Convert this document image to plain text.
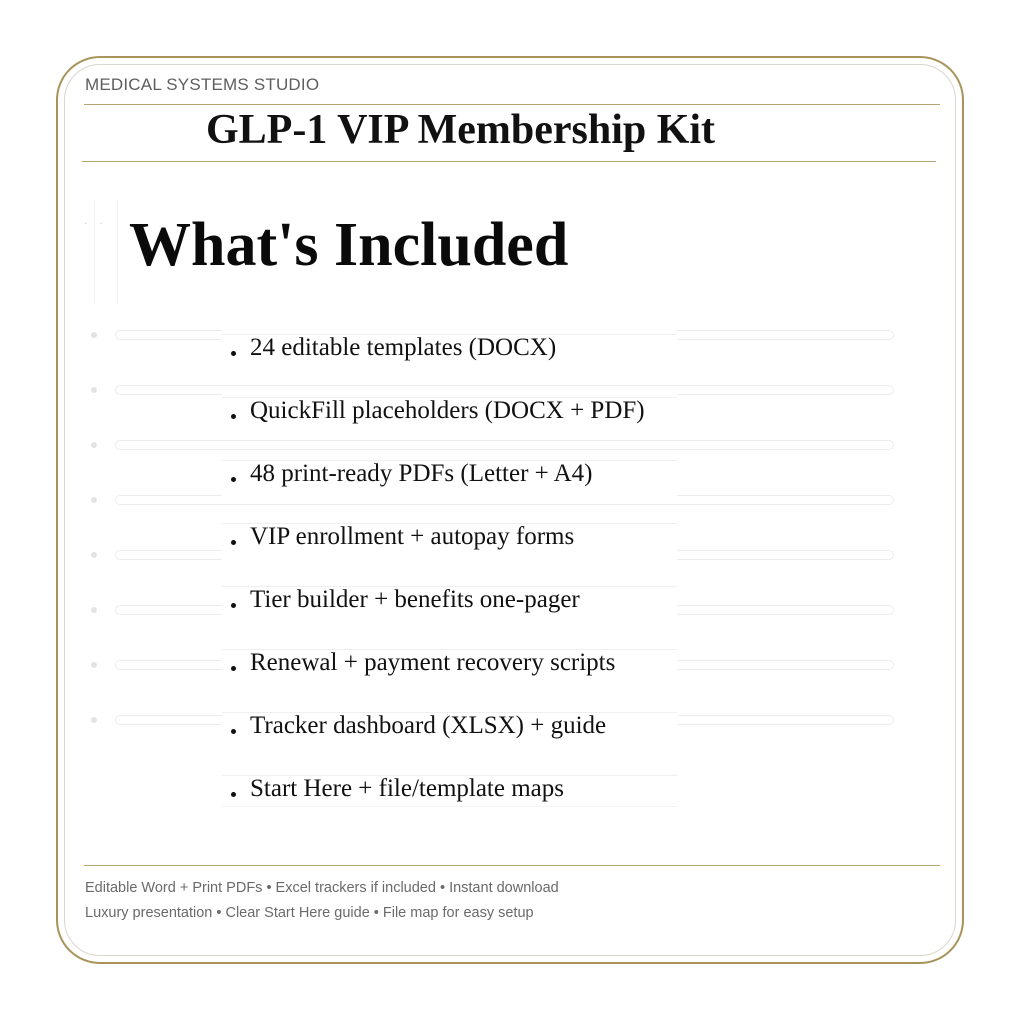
MEDICAL SYSTEMS STUDIO
GLP-1 VIP Membership Kit
·· What's Included
24 editable templates (DOCX)
QuickFill placeholders (DOCX + PDF)
48 print-ready PDFs (Letter + A4)
VIP enrollment + autopay forms
Tier builder + benefits one-pager
Renewal + payment recovery scripts
Tracker dashboard (XLSX) + guide
Start Here + file/template maps
Editable Word + Print PDFs • Excel trackers if included • Instant download
Luxury presentation • Clear Start Here guide • File map for easy setup
